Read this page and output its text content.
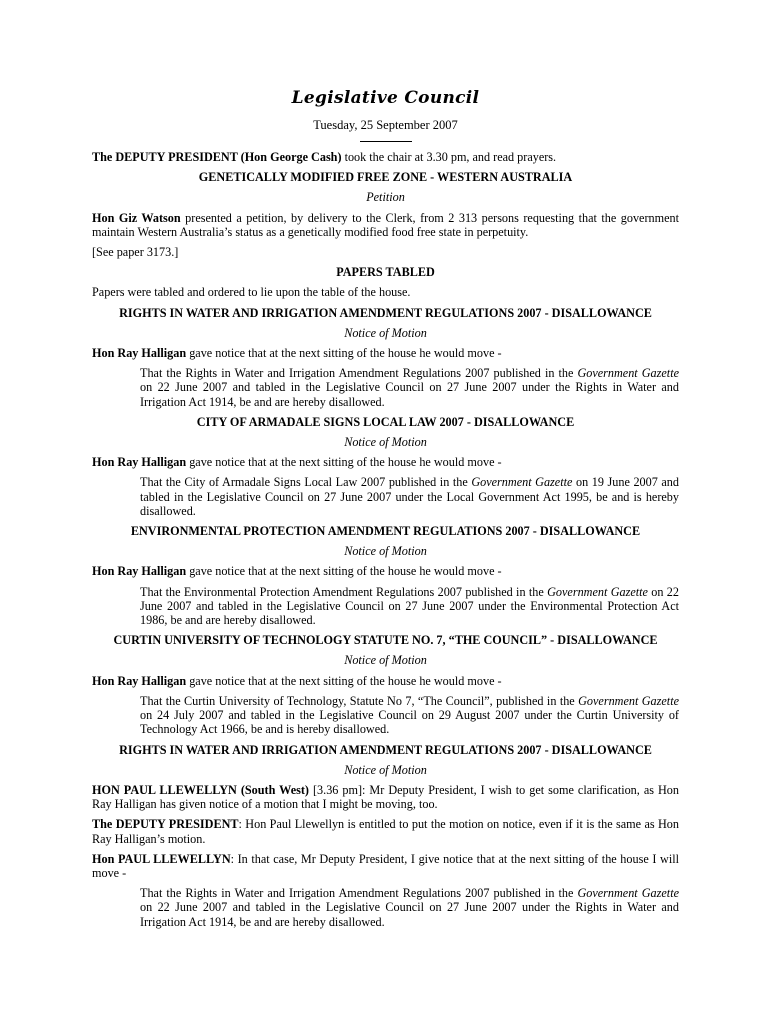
Legislative Council
Tuesday, 25 September 2007

The DEPUTY PRESIDENT (Hon George Cash) took the chair at 3.30 pm, and read prayers.

GENETICALLY MODIFIED FREE ZONE - WESTERN AUSTRALIA
Petition

Hon Giz Watson presented a petition, by delivery to the Clerk, from 2 313 persons requesting that the government maintain Western Australia’s status as a genetically modified food free state in perpetuity.

[See paper 3173.]

PAPERS TABLED

Papers were tabled and ordered to lie upon the table of the house.

RIGHTS IN WATER AND IRRIGATION AMENDMENT REGULATIONS 2007 - DISALLOWANCE
Notice of Motion

Hon Ray Halligan gave notice that at the next sitting of the house he would move -

That the Rights in Water and Irrigation Amendment Regulations 2007 published in the Government Gazette on 22 June 2007 and tabled in the Legislative Council on 27 June 2007 under the Rights in Water and Irrigation Act 1914, be and are hereby disallowed.

CITY OF ARMADALE SIGNS LOCAL LAW 2007 - DISALLOWANCE
Notice of Motion

Hon Ray Halligan gave notice that at the next sitting of the house he would move -

That the City of Armadale Signs Local Law 2007 published in the Government Gazette on 19 June 2007 and tabled in the Legislative Council on 27 June 2007 under the Local Government Act 1995, be and is hereby disallowed.

ENVIRONMENTAL PROTECTION AMENDMENT REGULATIONS 2007 - DISALLOWANCE
Notice of Motion

Hon Ray Halligan gave notice that at the next sitting of the house he would move -

That the Environmental Protection Amendment Regulations 2007 published in the Government Gazette on 22 June 2007 and tabled in the Legislative Council on 27 June 2007 under the Environmental Protection Act 1986, be and are hereby disallowed.

CURTIN UNIVERSITY OF TECHNOLOGY STATUTE NO. 7, “THE COUNCIL” - DISALLOWANCE
Notice of Motion

Hon Ray Halligan gave notice that at the next sitting of the house he would move -

That the Curtin University of Technology, Statute No 7, “The Council”, published in the Government Gazette on 24 July 2007 and tabled in the Legislative Council on 29 August 2007 under the Curtin University of Technology Act 1966, be and is hereby disallowed.

RIGHTS IN WATER AND IRRIGATION AMENDMENT REGULATIONS 2007 - DISALLOWANCE
Notice of Motion

HON PAUL LLEWELLYN (South West) [3.36 pm]: Mr Deputy President, I wish to get some clarification, as Hon Ray Halligan has given notice of a motion that I might be moving, too.

The DEPUTY PRESIDENT: Hon Paul Llewellyn is entitled to put the motion on notice, even if it is the same as Hon Ray Halligan’s motion.

Hon PAUL LLEWELLYN: In that case, Mr Deputy President, I give notice that at the next sitting of the house I will move -

That the Rights in Water and Irrigation Amendment Regulations 2007 published in the Government Gazette on 22 June 2007 and tabled in the Legislative Council on 27 June 2007 under the Rights in Water and Irrigation Act 1914, be and are hereby disallowed.
